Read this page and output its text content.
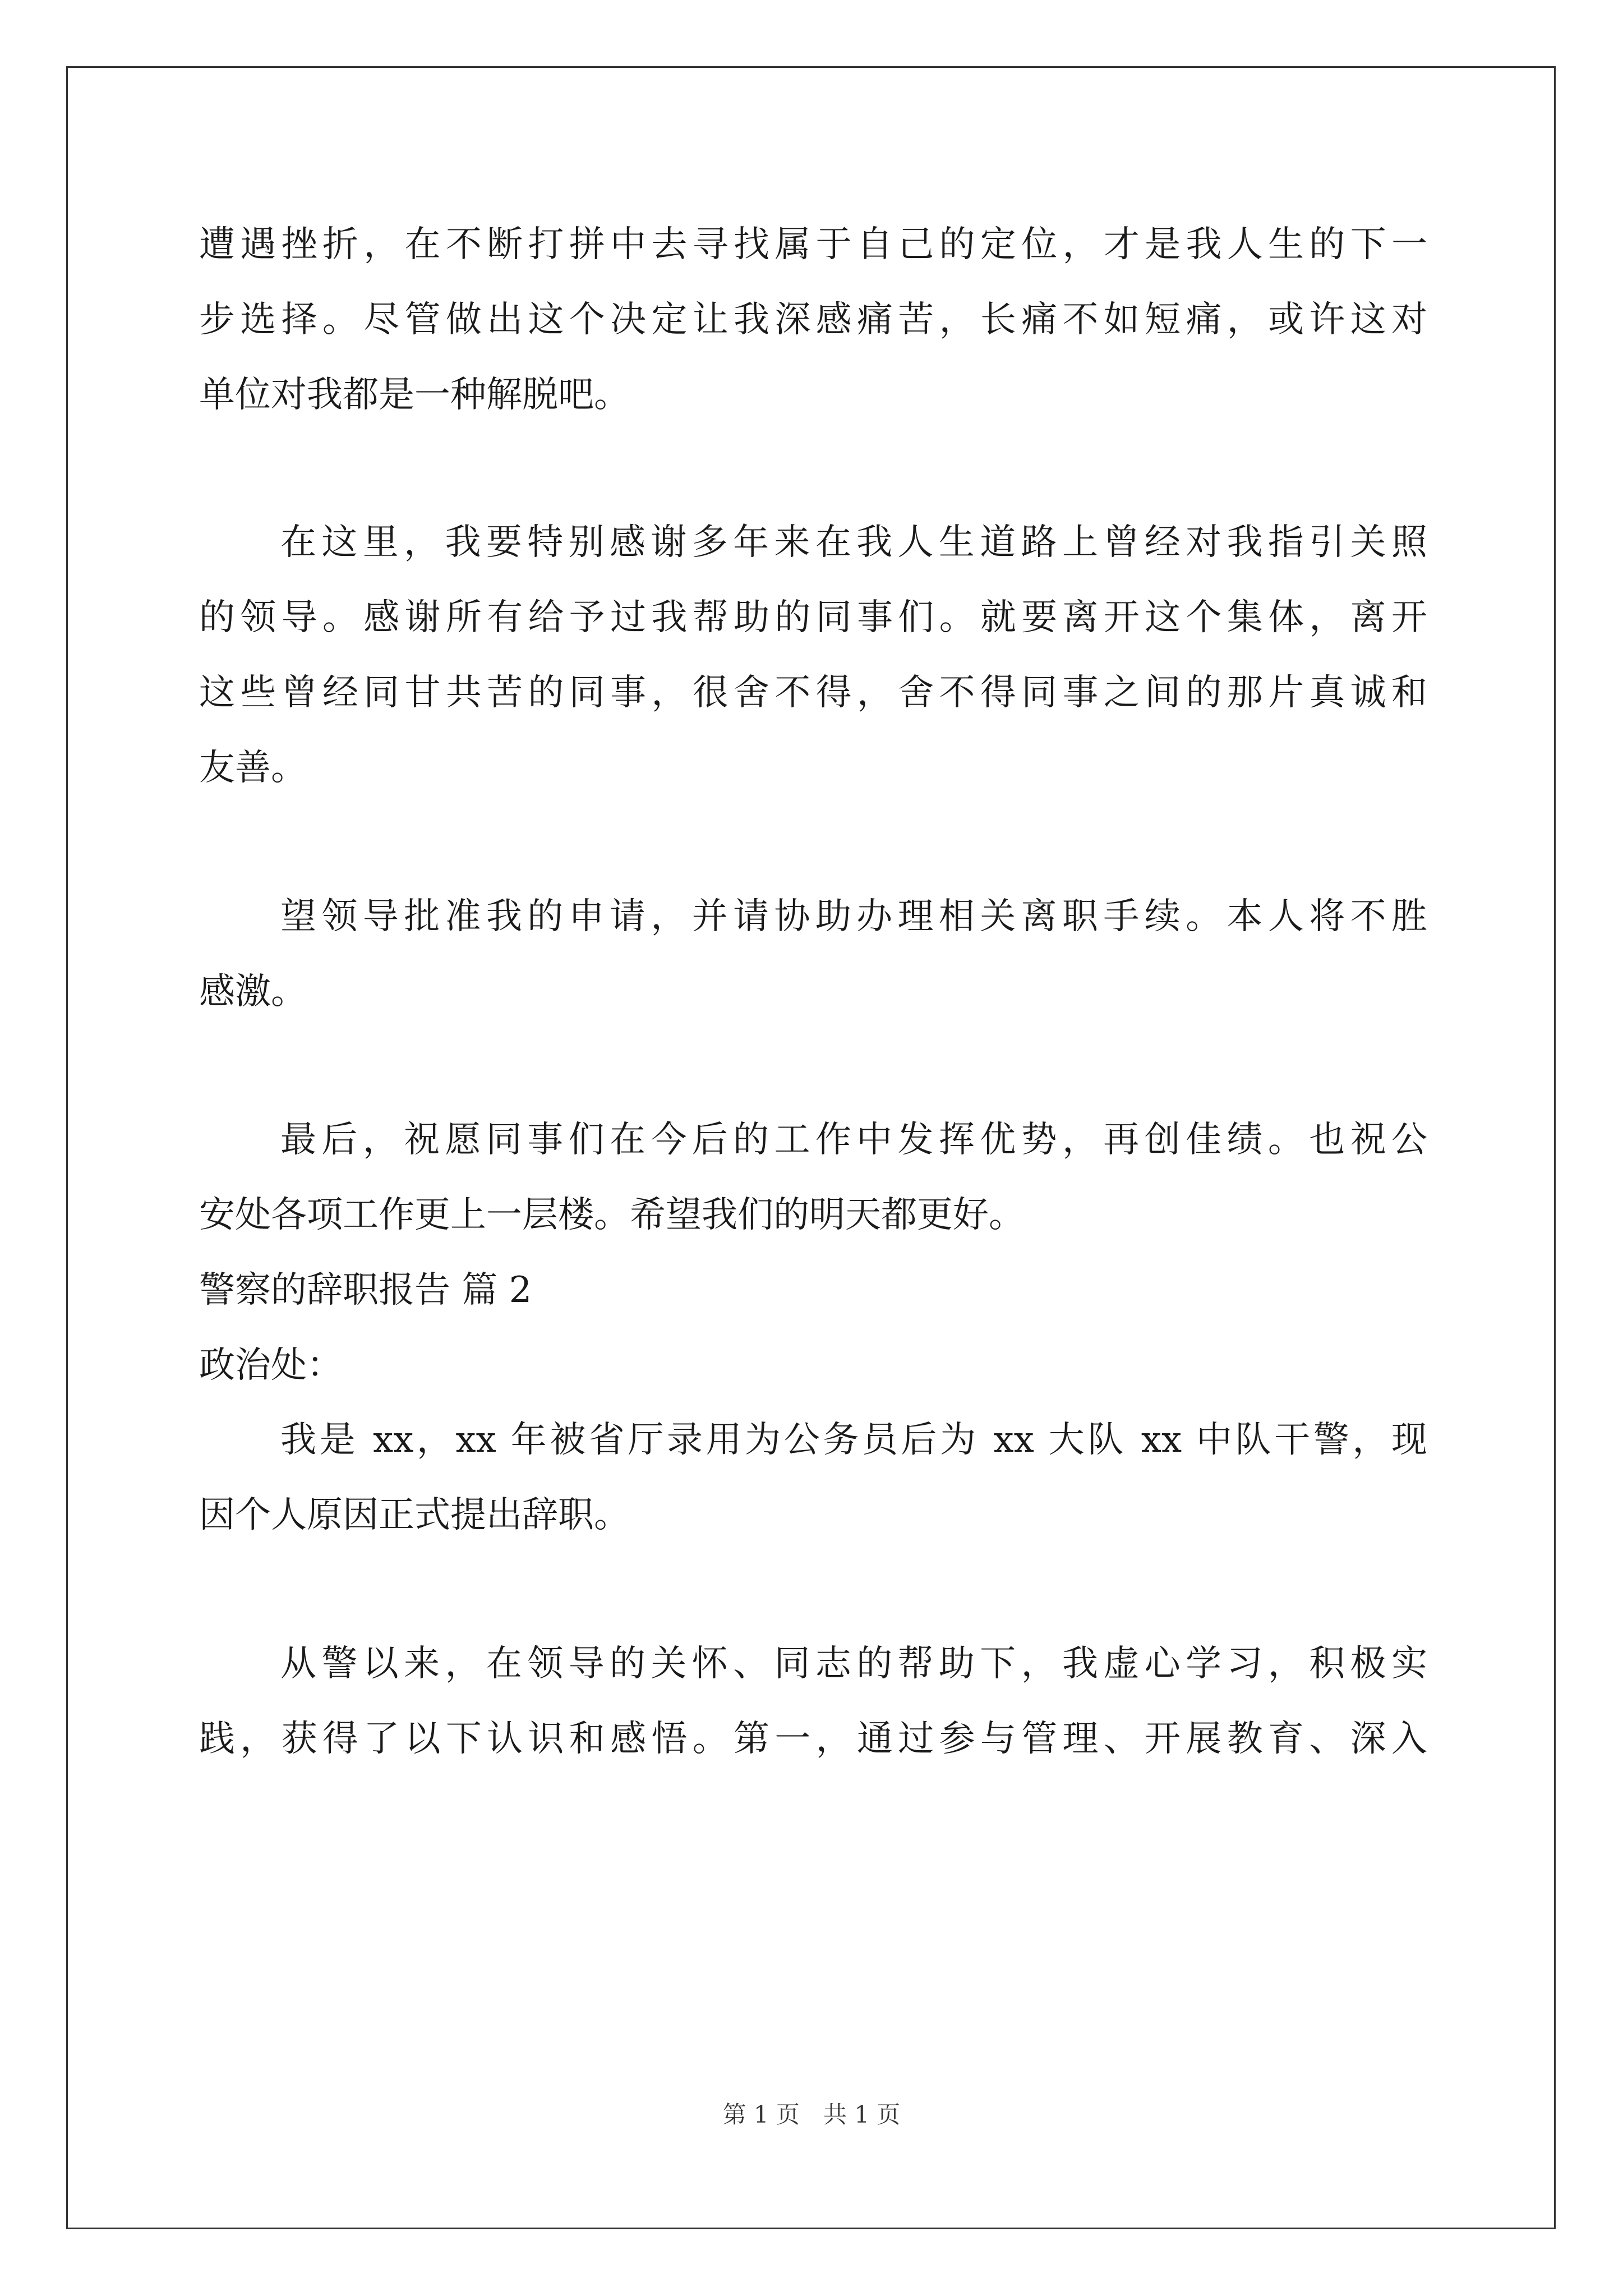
遭遇挫折，在不断打拼中去寻找属于自己的定位，才是我人生的下一
步选择。尽管做出这个决定让我深感痛苦，长痛不如短痛，或许这对
单位对我都是一种解脱吧。
在这里，我要特别感谢多年来在我人生道路上曾经对我指引关照
的领导。感谢所有给予过我帮助的同事们。就要离开这个集体，离开
这些曾经同甘共苦的同事，很舍不得，舍不得同事之间的那片真诚和
友善。
望领导批准我的申请，并请协助办理相关离职手续。本人将不胜
感激。
最后，祝愿同事们在今后的工作中发挥优势，再创佳绩。也祝公
安处各项工作更上一层楼。希望我们的明天都更好。
警察的辞职报告 篇 2
政治处：
我是 xx，xx 年被省厅录用为公务员后为 xx 大队 xx 中队干警，现
因个人原因正式提出辞职。
从警以来，在领导的关怀、同志的帮助下，我虚心学习，积极实
践，获得了以下认识和感悟。第一，通过参与管理、开展教育、深入
第 1 页　共 1 页
